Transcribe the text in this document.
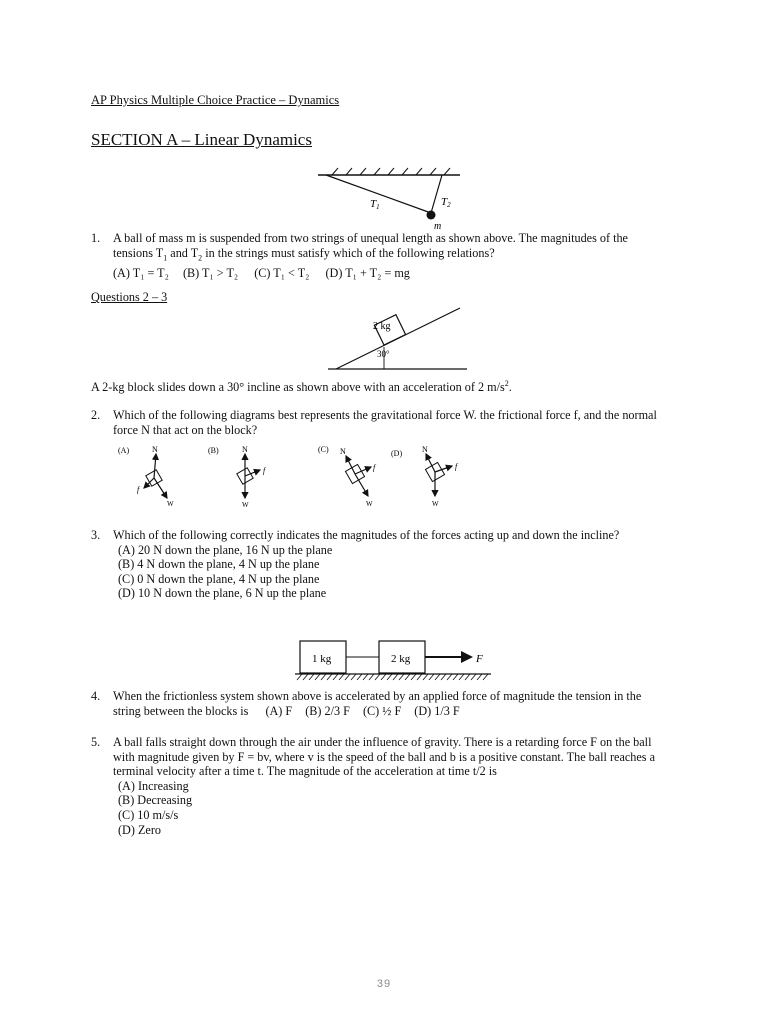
AP Physics Multiple Choice Practice – Dynamics
SECTION A – Linear Dynamics
T1	T2
m
1. A ball of mass m is suspended from two strings of unequal length as shown above. The magnitudes of the
tensions $T_1$ and $T_2$ in the strings must satisfy which of the following relations?
(A) T₁ = T₂ (B) T₁ > T₂ (C) T₁ < T₂ (D) T₁ + T₂ = mg
Questions 2 – 3
2 kg
30°
A 2-kg block slides down a 30° incline as shown above with an acceleration of 2 $m/s^2$.
2. Which of the following diagrams best represents the gravitational force W. the frictional force f, and the normal
force N that act on the block?
(A)	N
f
W
(B)	N
f
W
(C) N
f
W
(D) N
f
W
3. Which of the following correctly indicates the magnitudes of the forces acting up and down the incline?
(A) 20 N down the plane, 16 N up the plane
(B) 4 N down the plane, 4 N up the plane
(C) 0 N down the plane, 4 N up the plane
(D) 10 N down the plane, 6 N up the plane
1 kg	2 kg	F
4. When the frictionless system shown above is accelerated by an applied force of magnitude the tension in the
string between the blocks is (A) F (B) 2/3 F (C) ½ F (D) 1/3 F
5. A ball falls straight down through the air under the influence of gravity. There is a retarding force F on the ball
with magnitude given by F = bv, where v is the speed of the ball and b is a positive constant. The ball reaches a
terminal velocity after a time t. The magnitude of the acceleration at time t/2 is
(A) Increasing
(B) Decreasing
(C) 10 m/s/s
(D) Zero
39
